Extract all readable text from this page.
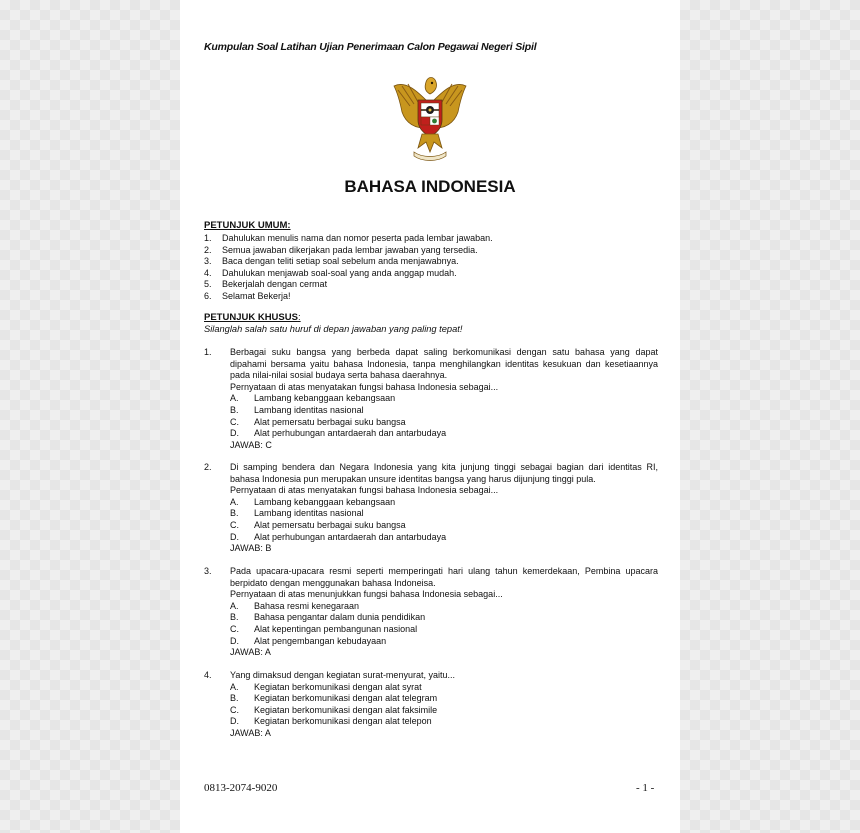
Kumpulan Soal Latihan Ujian Penerimaan Calon Pegawai Negeri Sipil
BAHASA INDONESIA
PETUNJUK UMUM:
1. Dahulukan menulis nama dan nomor peserta pada lembar jawaban.
2. Semua jawaban dikerjakan pada lembar jawaban yang tersedia.
3. Baca dengan teliti setiap soal sebelum anda menjawabnya.
4. Dahulukan menjawab soal-soal yang anda anggap mudah.
5. Bekerjalah dengan cermat
6. Selamat Bekerja!
PETUNJUK KHUSUS:
Silanglah salah satu huruf di depan jawaban yang paling tepat!
1. Berbagai suku bangsa yang berbeda dapat saling berkomunikasi dengan satu bahasa yang dapat dipahami bersama yaitu bahasa Indonesia, tanpa menghilangkan identitas kesukuan dan kesetiaannya pada nilai-nilai sosial budaya serta bahasa daerahnya.
Pernyataan di atas menyatakan fungsi bahasa Indonesia sebagai...
A. Lambang kebanggaan kebangsaan
B. Lambang identitas nasional
C. Alat pemersatu berbagai suku bangsa
D. Alat perhubungan antardaerah dan antarbudaya
JAWAB: C
2. Di samping bendera dan Negara Indonesia yang kita junjung tinggi sebagai bagian dari identitas RI, bahasa Indonesia pun merupakan unsure identitas bangsa yang harus dijunjung tinggi pula.
Pernyataan di atas menyatakan fungsi bahasa Indonesia sebagai...
A. Lambang kebanggaan kebangsaan
B. Lambang identitas nasional
C. Alat pemersatu berbagai suku bangsa
D. Alat perhubungan antardaerah dan antarbudaya
JAWAB: B
3. Pada upacara-upacara resmi seperti memperingati hari ulang tahun kemerdekaan, Pembina upacara berpidato dengan menggunakan bahasa Indoneisa.
Pernyataan di atas menunjukkan fungsi bahasa Indonesia sebagai...
A. Bahasa resmi kenegaraan
B. Bahasa pengantar dalam dunia pendidikan
C. Alat kepentingan pembangunan nasional
D. Alat pengembangan kebudayaan
JAWAB: A
4. Yang dimaksud dengan kegiatan surat-menyurat, yaitu...
A. Kegiatan berkomunikasi dengan alat syrat
B. Kegiatan berkomunikasi dengan alat telegram
C. Kegiatan berkomunikasi dengan alat faksimile
D. Kegiatan berkomunikasi dengan alat telepon
JAWAB: A
0813-2074-9020	- 1 -
